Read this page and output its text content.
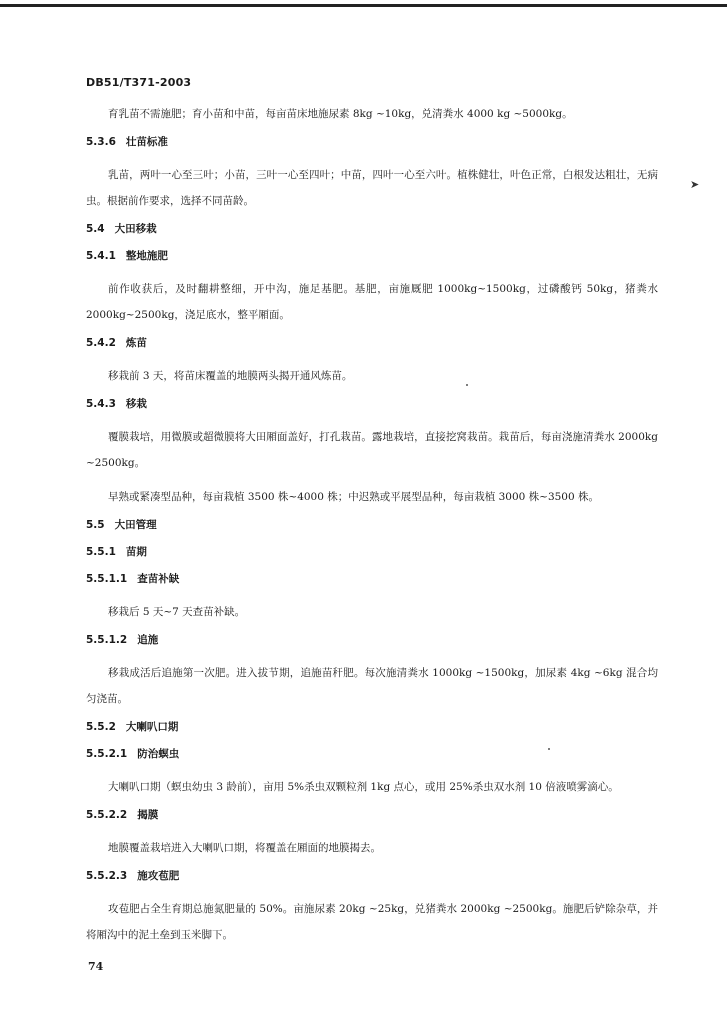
➤
DB51/T371-2003
育乳苗不需施肥；育小苗和中苗，每亩苗床地施尿素 8kg ~10kg，兑清粪水 4000 kg ~5000kg。
5.3.6 壮苗标准
乳苗，两叶一心至三叶；小苗，三叶一心至四叶；中苗，四叶一心至六叶。植株健壮，叶色正常，白根发达粗壮，无病虫。根据前作要求，选择不同苗龄。
5.4 大田移栽
5.4.1 整地施肥
前作收获后，及时翻耕整细，开中沟，施足基肥。基肥，亩施厩肥 1000kg~1500kg，过磷酸钙 50kg，猪粪水 2000kg~2500kg，浇足底水，整平厢面。
5.4.2 炼苗
移栽前 3 天，将苗床覆盖的地膜两头揭开通风炼苗。
5.4.3 移栽
覆膜栽培，用微膜或超微膜将大田厢面盖好，打孔栽苗。露地栽培，直接挖窝栽苗。栽苗后，每亩浇施清粪水 2000kg ~2500kg。
早熟或紧凑型品种，每亩栽植 3500 株~4000 株；中迟熟或平展型品种，每亩栽植 3000 株~3500 株。
5.5 大田管理
5.5.1 苗期
5.5.1.1 查苗补缺
移栽后 5 天~7 天查苗补缺。
5.5.1.2 追施
移栽成活后追施第一次肥。进入拔节期，追施苗秆肥。每次施清粪水 1000kg ~1500kg，加尿素 4kg ~6kg 混合均匀浇苗。
5.5.2 大喇叭口期
5.5.2.1 防治螟虫
大喇叭口期（螟虫幼虫 3 龄前），亩用 5%杀虫双颗粒剂 1kg 点心，或用 25%杀虫双水剂 10 倍液喷雾滴心。
5.5.2.2 揭膜
地膜覆盖栽培进入大喇叭口期，将覆盖在厢面的地膜揭去。
5.5.2.3 施攻苞肥
攻苞肥占全生育期总施氮肥量的 50%。亩施尿素 20kg ~25kg，兑猪粪水 2000kg ~2500kg。施肥后铲除杂草，并将厢沟中的泥土垒到玉米脚下。
74
